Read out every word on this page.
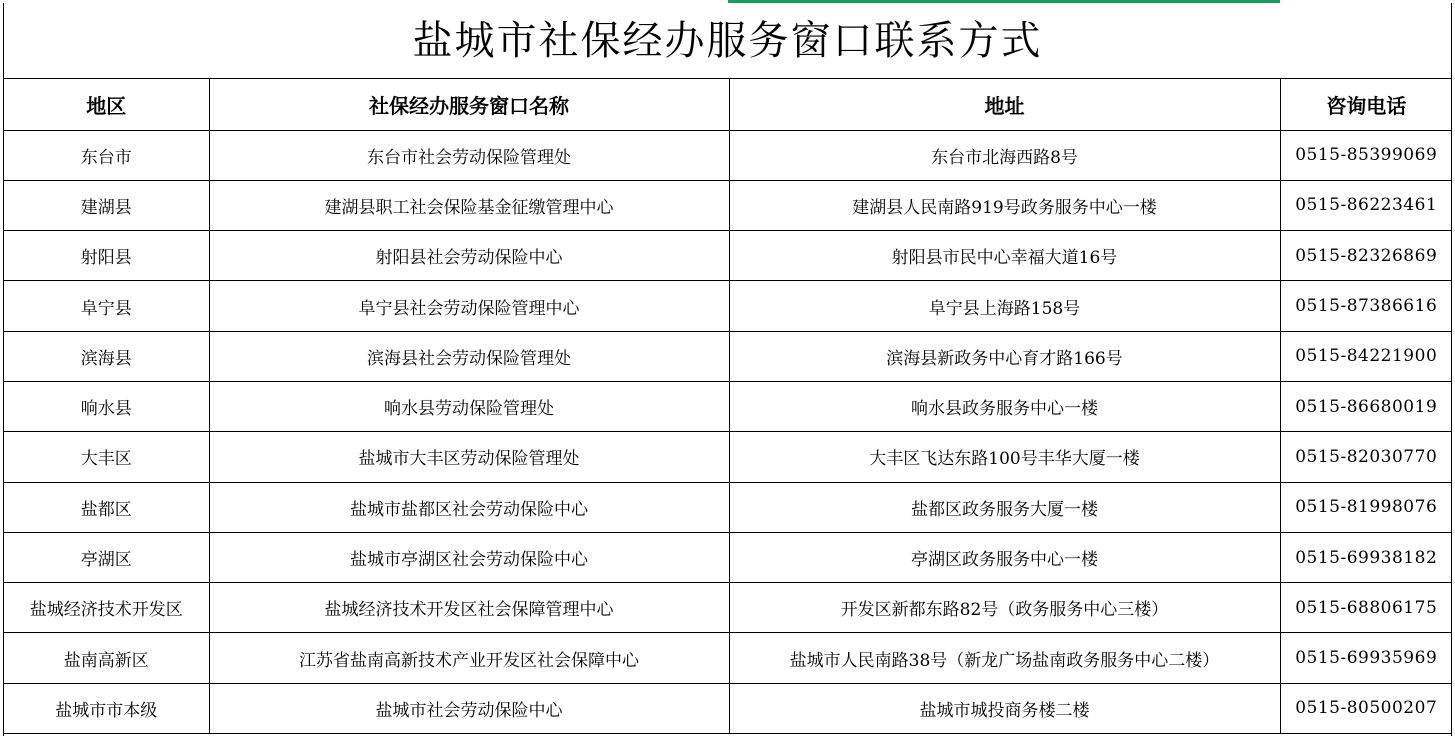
盐城市社保经办服务窗口联系方式
地区	社保经办服务窗口名称	地址	咨询电话
东台市	东台市社会劳动保险管理处	东台市北海西路8号	0515-85399069
建湖县	建湖县职工社会保险基金征缴管理中心	建湖县人民南路919号政务服务中心一楼	0515-86223461
射阳县	射阳县社会劳动保险中心	射阳县市民中心幸福大道16号	0515-82326869
阜宁县	阜宁县社会劳动保险管理中心	阜宁县上海路158号	0515-87386616
滨海县	滨海县社会劳动保险管理处	滨海县新政务中心育才路166号	0515-84221900
响水县	响水县劳动保险管理处	响水县政务服务中心一楼	0515-86680019
大丰区	盐城市大丰区劳动保险管理处	大丰区飞达东路100号丰华大厦一楼	0515-82030770
盐都区	盐城市盐都区社会劳动保险中心	盐都区政务服务大厦一楼	0515-81998076
亭湖区	盐城市亭湖区社会劳动保险中心	亭湖区政务服务中心一楼	0515-69938182
盐城经济技术开发区	盐城经济技术开发区社会保障管理中心	开发区新都东路82号（政务服务中心三楼）	0515-68806175
盐南高新区	江苏省盐南高新技术产业开发区社会保障中心	盐城市人民南路38号（新龙广场盐南政务服务中心二楼）	0515-69935969
盐城市市本级	盐城市社会劳动保险中心	盐城市城投商务楼二楼	0515-80500207
